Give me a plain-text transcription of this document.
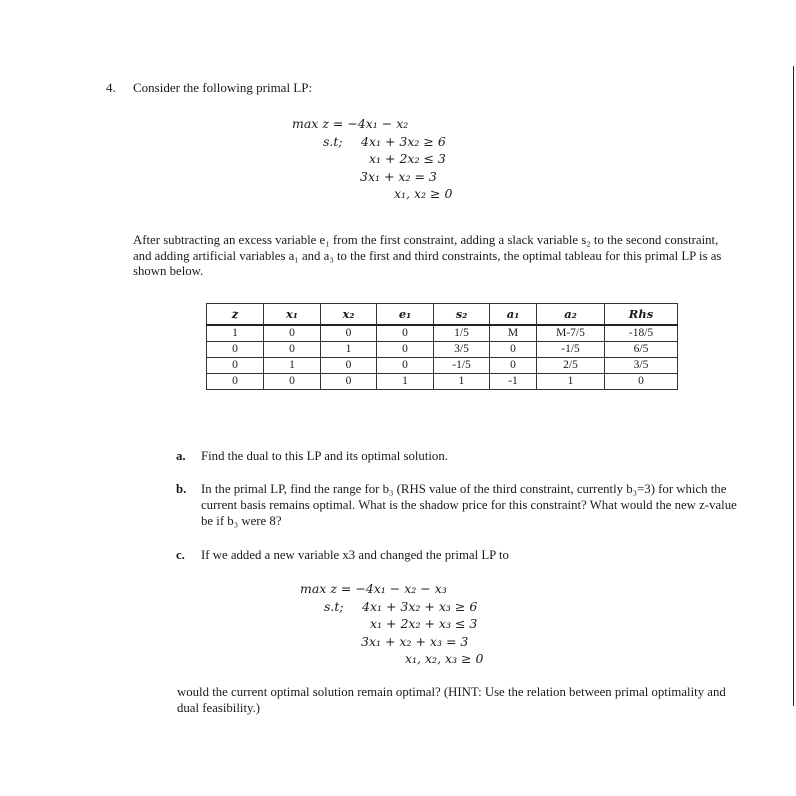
4. Consider the following primal LP:
max z = −4x₁ − x₂
s.t; 4x₁ + 3x₂ ≥ 6
x₁ + 2x₂ ≤ 3
3x₁ + x₂ = 3
x₁, x₂ ≥ 0
After subtracting an excess variable e₁ from the first constraint, adding a slack variable s₂ to the second constraint, and adding artificial variables a₁ and a₃ to the first and third constraints, the optimal tableau for this primal LP is as shown below.
z	x₁	x₂	e₁	s₂	a₁	a₂	Rhs
1	0	0	0	1/5	M	M-7/5	-18/5
0	0	1	0	3/5	0	-1/5	6/5
0	1	0	0	-1/5	0	2/5	3/5
0	0	0	1	1	-1	1	0
a. Find the dual to this LP and its optimal solution.
b. In the primal LP, find the range for b₃ (RHS value of the third constraint, currently b₃=3) for which the current basis remains optimal. What is the shadow price for this constraint? What would the new z-value be if b₃ were 8?
c. If we added a new variable x3 and changed the primal LP to
max z = −4x₁ − x₂ − x₃
s.t; 4x₁ + 3x₂ + x₃ ≥ 6
x₁ + 2x₂ + x₃ ≤ 3
3x₁ + x₂ + x₃ = 3
x₁, x₂, x₃ ≥ 0
would the current optimal solution remain optimal? (HINT: Use the relation between primal optimality and dual feasibility.)
